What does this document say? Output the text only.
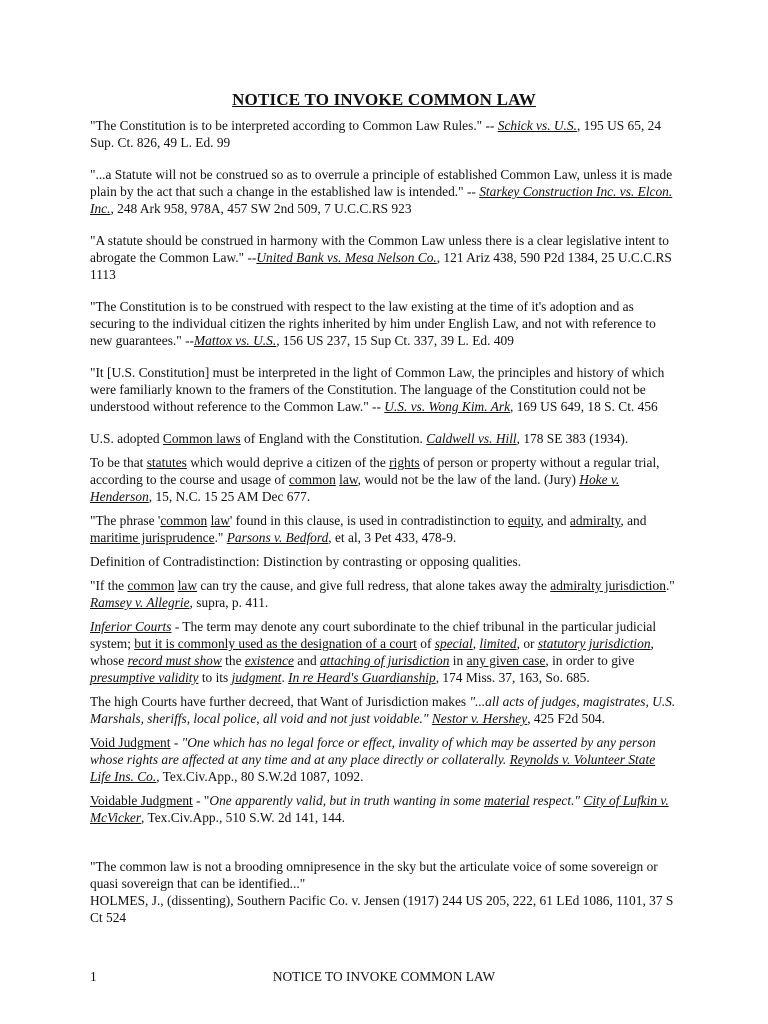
NOTICE TO INVOKE COMMON LAW

"The Constitution is to be interpreted according to Common Law Rules." -- Schick vs. U.S., 195 US 65, 24 Sup. Ct. 826, 49 L. Ed. 99

"...a Statute will not be construed so as to overrule a principle of established Common Law, unless it is made plain by the act that such a change in the established law is intended." -- Starkey Construction Inc. vs. Elcon. Inc., 248 Ark 958, 978A, 457 SW 2nd 509, 7 U.C.C.RS 923

"A statute should be construed in harmony with the Common Law unless there is a clear legislative intent to abrogate the Common Law." --United Bank vs. Mesa Nelson Co., 121 Ariz 438, 590 P2d 1384, 25 U.C.C.RS 1113

"The Constitution is to be construed with respect to the law existing at the time of it's adoption and as securing to the individual citizen the rights inherited by him under English Law, and not with reference to new guarantees." --Mattox vs. U.S., 156 US 237, 15 Sup Ct. 337, 39 L. Ed. 409

"It [U.S. Constitution] must be interpreted in the light of Common Law, the principles and history of which were familiarly known to the framers of the Constitution. The language of the Constitution could not be understood without reference to the Common Law." -- U.S. vs. Wong Kim. Ark, 169 US 649, 18 S. Ct. 456

U.S. adopted Common laws of England with the Constitution. Caldwell vs. Hill, 178 SE 383 (1934).

To be that statutes which would deprive a citizen of the rights of person or property without a regular trial, according to the course and usage of common law, would not be the law of the land. (Jury) Hoke v. Henderson, 15, N.C. 15 25 AM Dec 677.

"The phrase 'common law' found in this clause, is used in contradistinction to equity, and admiralty, and maritime jurisprudence." Parsons v. Bedford, et al, 3 Pet 433, 478-9.

Definition of Contradistinction: Distinction by contrasting or opposing qualities.

"If the common law can try the cause, and give full redress, that alone takes away the admiralty jurisdiction." Ramsey v. Allegrie, supra, p. 411.

Inferior Courts - The term may denote any court subordinate to the chief tribunal in the particular judicial system; but it is commonly used as the designation of a court of special, limited, or statutory jurisdiction, whose record must show the existence and attaching of jurisdiction in any given case, in order to give presumptive validity to its judgment. In re Heard's Guardianship, 174 Miss. 37, 163, So. 685.

The high Courts have further decreed, that Want of Jurisdiction makes "...all acts of judges, magistrates, U.S. Marshals, sheriffs, local police, all void and not just voidable." Nestor v. Hershey, 425 F2d 504.

Void Judgment - "One which has no legal force or effect, invality of which may be asserted by any person whose rights are affected at any time and at any place directly or collaterally. Reynolds v. Volunteer State Life Ins. Co., Tex.Civ.App., 80 S.W.2d 1087, 1092.

Voidable Judgment - "One apparently valid, but in truth wanting in some material respect." City of Lufkin v. McVicker, Tex.Civ.App., 510 S.W. 2d 141, 144.

"The common law is not a brooding omnipresence in the sky but the articulate voice of some sovereign or quasi sovereign that can be identified..."

HOLMES, J., (dissenting), Southern Pacific Co. v. Jensen (1917) 244 US 205, 222, 61 LEd 1086, 1101, 37 S Ct 524

1	NOTICE TO INVOKE COMMON LAW
